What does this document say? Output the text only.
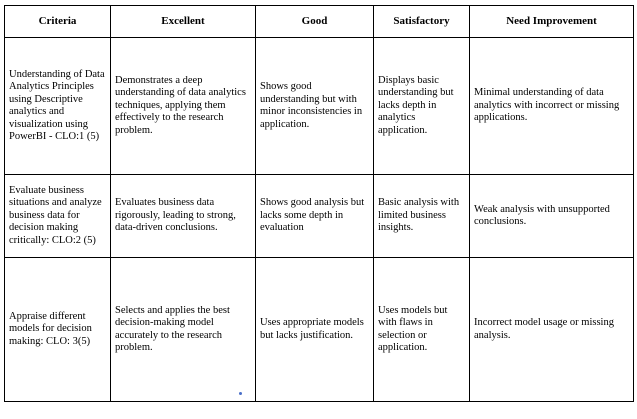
Criteria	Excellent	Good	Satisfactory	Need Improvement
Understanding of Data Analytics Principles using Descriptive analytics and visualization using PowerBI - CLO:1 (5)	Demonstrates a deep understanding of data analytics techniques, applying them effectively to the research problem.	Shows good understanding but with minor inconsistencies in application.	Displays basic understanding but lacks depth in analytics application.	Minimal understanding of data analytics with incorrect or missing applications.
Evaluate business situations and analyze business data for decision making critically: CLO:2 (5)	Evaluates business data rigorously, leading to strong, data-driven conclusions.	Shows good analysis but lacks some depth in evaluation	Basic analysis with limited business insights.	Weak analysis with unsupported conclusions.
Appraise different models for decision making: CLO: 3(5)	Selects and applies the best decision-making model accurately to the research problem.	Uses appropriate models but lacks justification.	Uses models but with flaws in selection or application.	Incorrect model usage or missing analysis.
